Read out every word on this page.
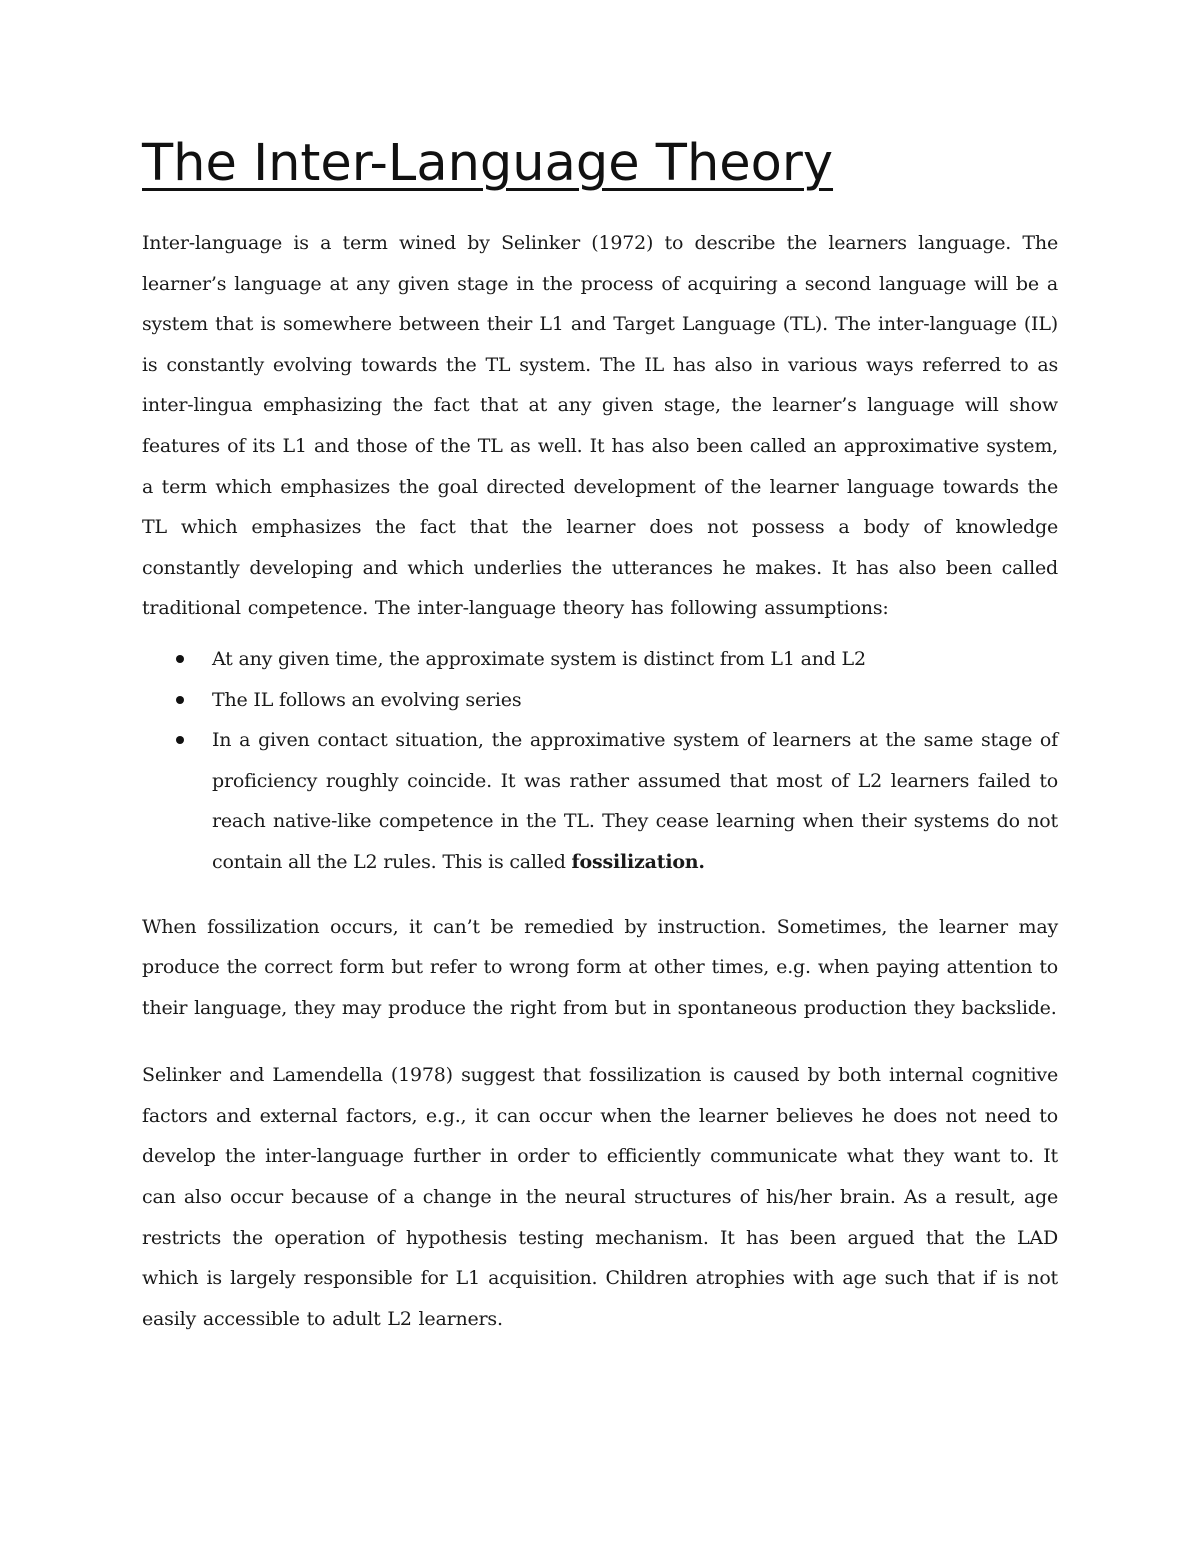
The Inter-Language Theory

Inter-language is a term wined by Selinker (1972) to describe the learners language. The learner’s language at any given stage in the process of acquiring a second language will be a system that is somewhere between their L1 and Target Language (TL). The inter-language (IL) is constantly evolving towards the TL system. The IL has also in various ways referred to as inter-lingua emphasizing the fact that at any given stage, the learner’s language will show features of its L1 and those of the TL as well. It has also been called an approximative system, a term which emphasizes the goal directed development of the learner language towards the TL which emphasizes the fact that the learner does not possess a body of knowledge constantly developing and which underlies the utterances he makes. It has also been called traditional competence. The inter-language theory has following assumptions:

At any given time, the approximate system is distinct from L1 and L2
The IL follows an evolving series
In a given contact situation, the approximative system of learners at the same stage of proficiency roughly coincide. It was rather assumed that most of L2 learners failed to reach native-like competence in the TL. They cease learning when their systems do not contain all the L2 rules. This is called fossilization.

When fossilization occurs, it can’t be remedied by instruction. Sometimes, the learner may produce the correct form but refer to wrong form at other times, e.g. when paying attention to their language, they may produce the right from but in spontaneous production they backslide.

Selinker and Lamendella (1978) suggest that fossilization is caused by both internal cognitive factors and external factors, e.g., it can occur when the learner believes he does not need to develop the inter-language further in order to efficiently communicate what they want to. It can also occur because of a change in the neural structures of his/her brain. As a result, age restricts the operation of hypothesis testing mechanism. It has been argued that the LAD which is largely responsible for L1 acquisition. Children atrophies with age such that if is not easily accessible to adult L2 learners.
